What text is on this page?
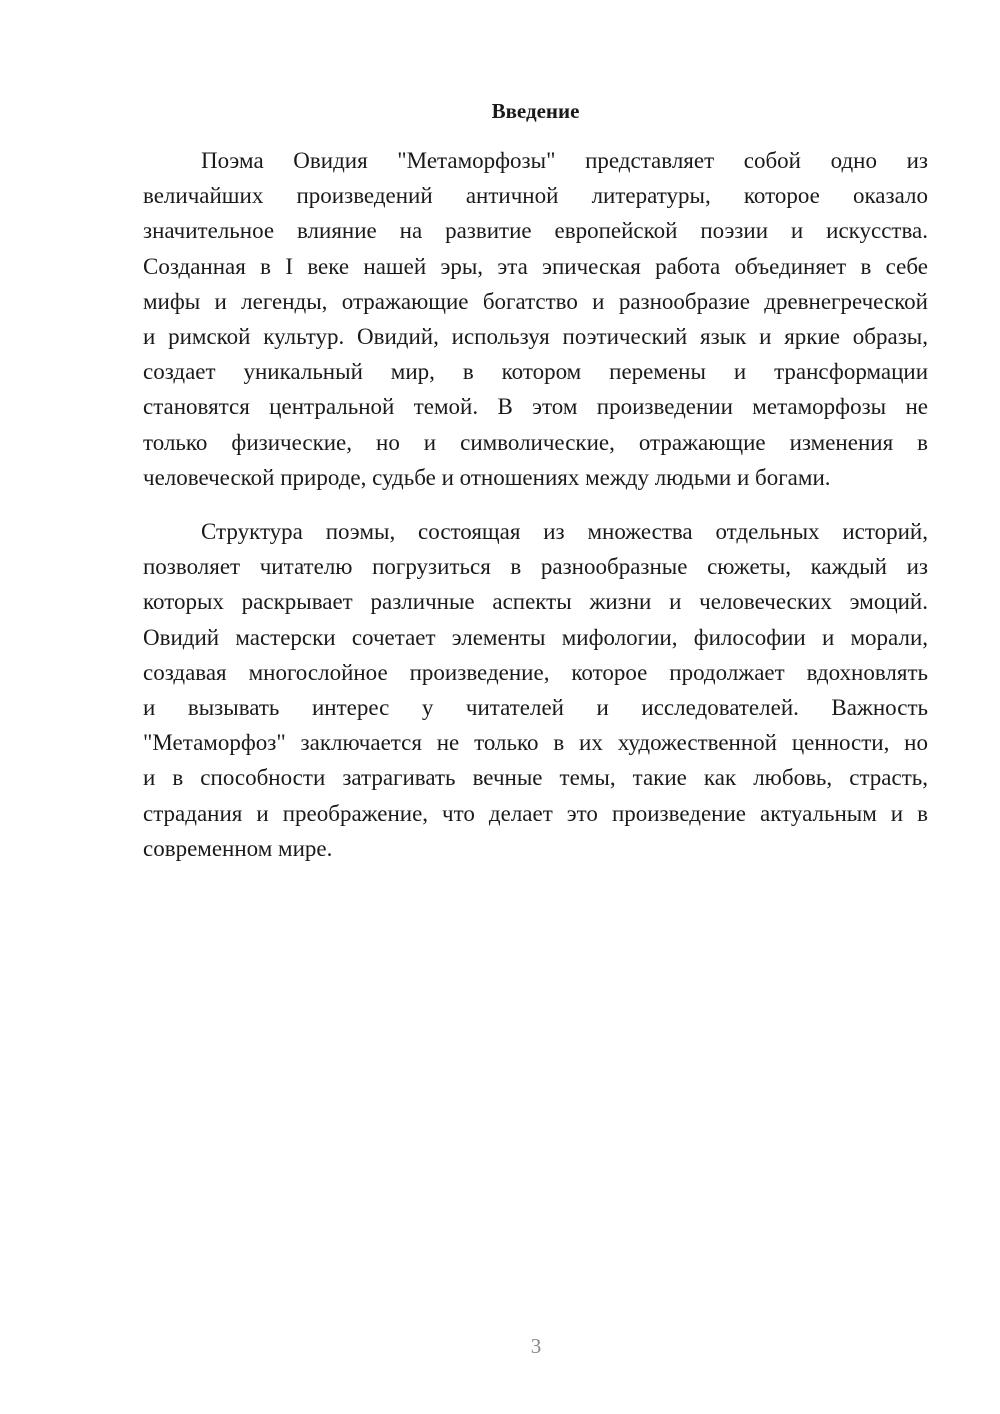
Введение
Поэма Овидия "Метаморфозы" представляет собой одно из
величайших произведений античной литературы, которое оказало
значительное влияние на развитие европейской поэзии и искусства.
Созданная в I веке нашей эры, эта эпическая работа объединяет в себе
мифы и легенды, отражающие богатство и разнообразие древнегреческой
и римской культур. Овидий, используя поэтический язык и яркие образы,
создает уникальный мир, в котором перемены и трансформации
становятся центральной темой. В этом произведении метаморфозы не
только физические, но и символические, отражающие изменения в
человеческой природе, судьбе и отношениях между людьми и богами.
Структура поэмы, состоящая из множества отдельных историй,
позволяет читателю погрузиться в разнообразные сюжеты, каждый из
которых раскрывает различные аспекты жизни и человеческих эмоций.
Овидий мастерски сочетает элементы мифологии, философии и морали,
создавая многослойное произведение, которое продолжает вдохновлять
и вызывать интерес у читателей и исследователей. Важность
"Метаморфоз" заключается не только в их художественной ценности, но
и в способности затрагивать вечные темы, такие как любовь, страсть,
страдания и преображение, что делает это произведение актуальным и в
современном мире.
3
